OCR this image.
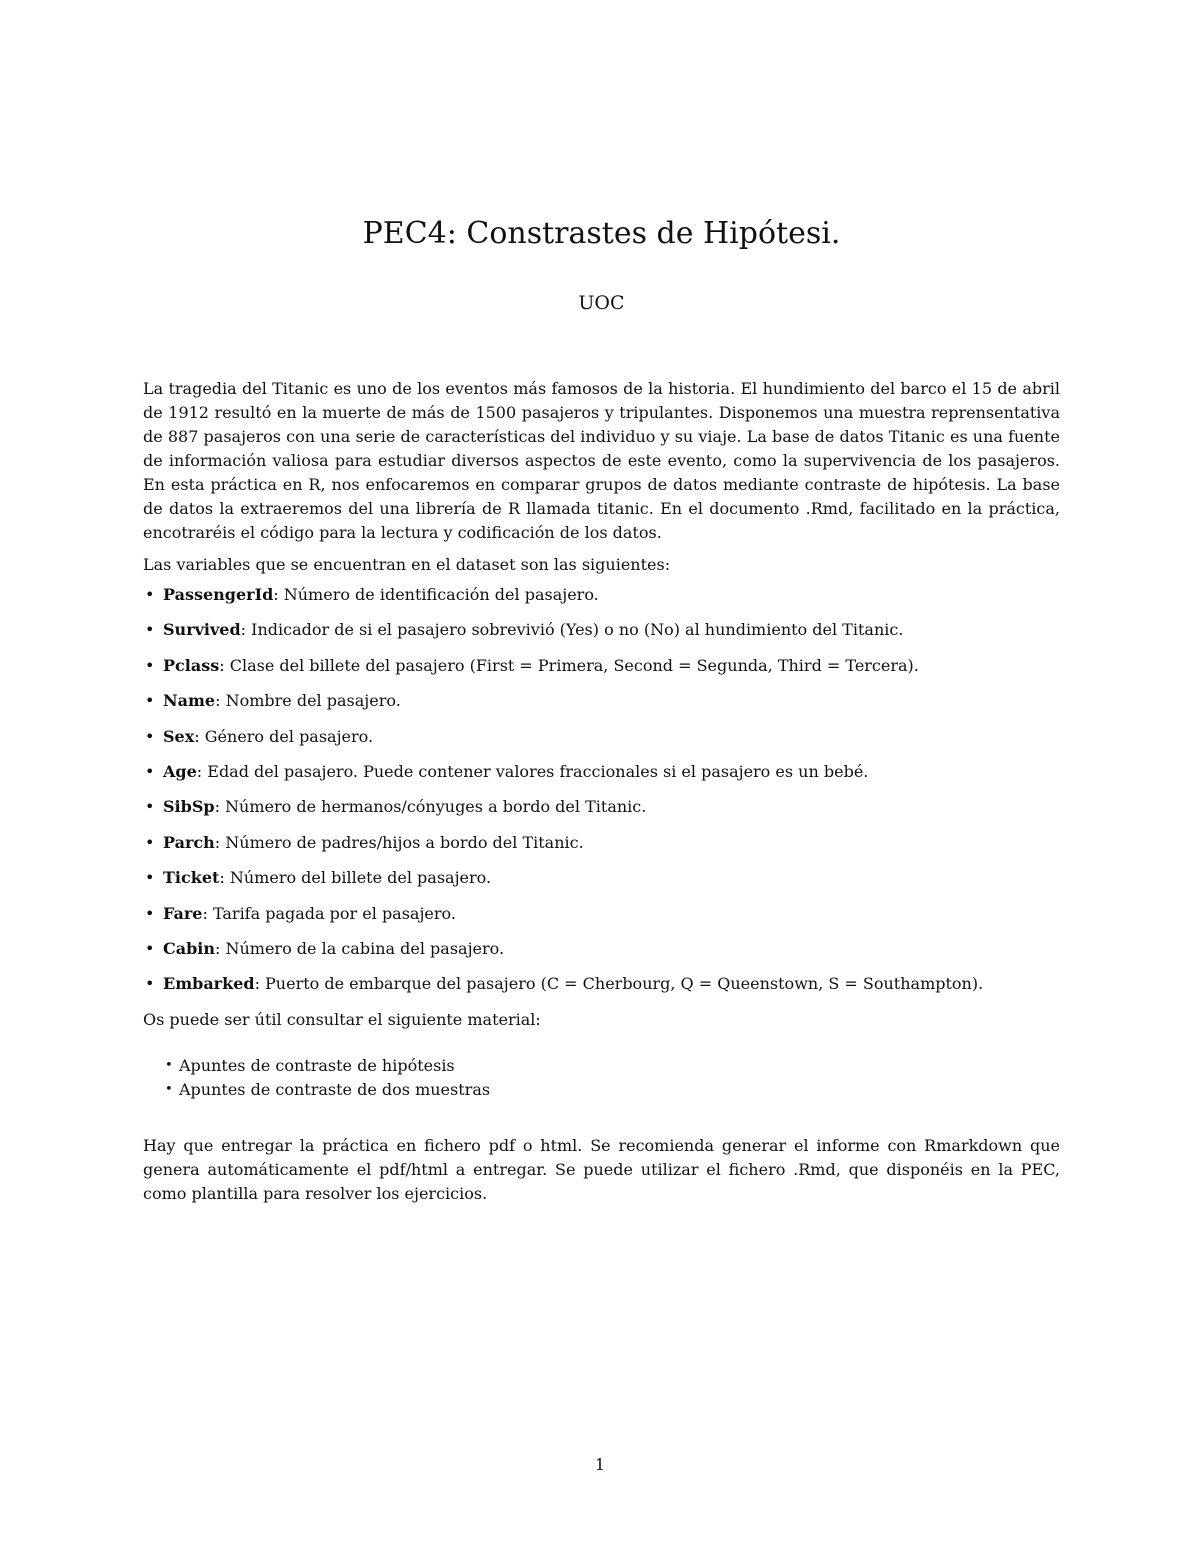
PEC4: Constrastes de Hipótesi.
UOC

La tragedia del Titanic es uno de los eventos más famosos de la historia. El hundimiento del barco el 15 de abril de 1912 resultó en la muerte de más de 1500 pasajeros y tripulantes. Disponemos una muestra reprensentativa de 887 pasajeros con una serie de características del individuo y su viaje. La base de datos Titanic es una fuente de información valiosa para estudiar diversos aspectos de este evento, como la supervivencia de los pasajeros. En esta práctica en R, nos enfocaremos en comparar grupos de datos mediante contraste de hipótesis. La base de datos la extraeremos del una librería de R llamada titanic. En el documento .Rmd, facilitado en la práctica, encotraréis el código para la lectura y codificación de los datos.

Las variables que se encuentran en el dataset son las siguientes:

• PassengerId: Número de identificación del pasajero.
• Survived: Indicador de si el pasajero sobrevivió (Yes) o no (No) al hundimiento del Titanic.
• Pclass: Clase del billete del pasajero (First = Primera, Second = Segunda, Third = Tercera).
• Name: Nombre del pasajero.
• Sex: Género del pasajero.
• Age: Edad del pasajero. Puede contener valores fraccionales si el pasajero es un bebé.
• SibSp: Número de hermanos/cónyuges a bordo del Titanic.
• Parch: Número de padres/hijos a bordo del Titanic.
• Ticket: Número del billete del pasajero.
• Fare: Tarifa pagada por el pasajero.
• Cabin: Número de la cabina del pasajero.
• Embarked: Puerto de embarque del pasajero (C = Cherbourg, Q = Queenstown, S = Southampton).

Os puede ser útil consultar el siguiente material:

• Apuntes de contraste de hipótesis
• Apuntes de contraste de dos muestras

Hay que entregar la práctica en fichero pdf o html. Se recomienda generar el informe con Rmarkdown que genera automáticamente el pdf/html a entregar. Se puede utilizar el fichero .Rmd, que disponéis en la PEC, como plantilla para resolver los ejercicios.

1
